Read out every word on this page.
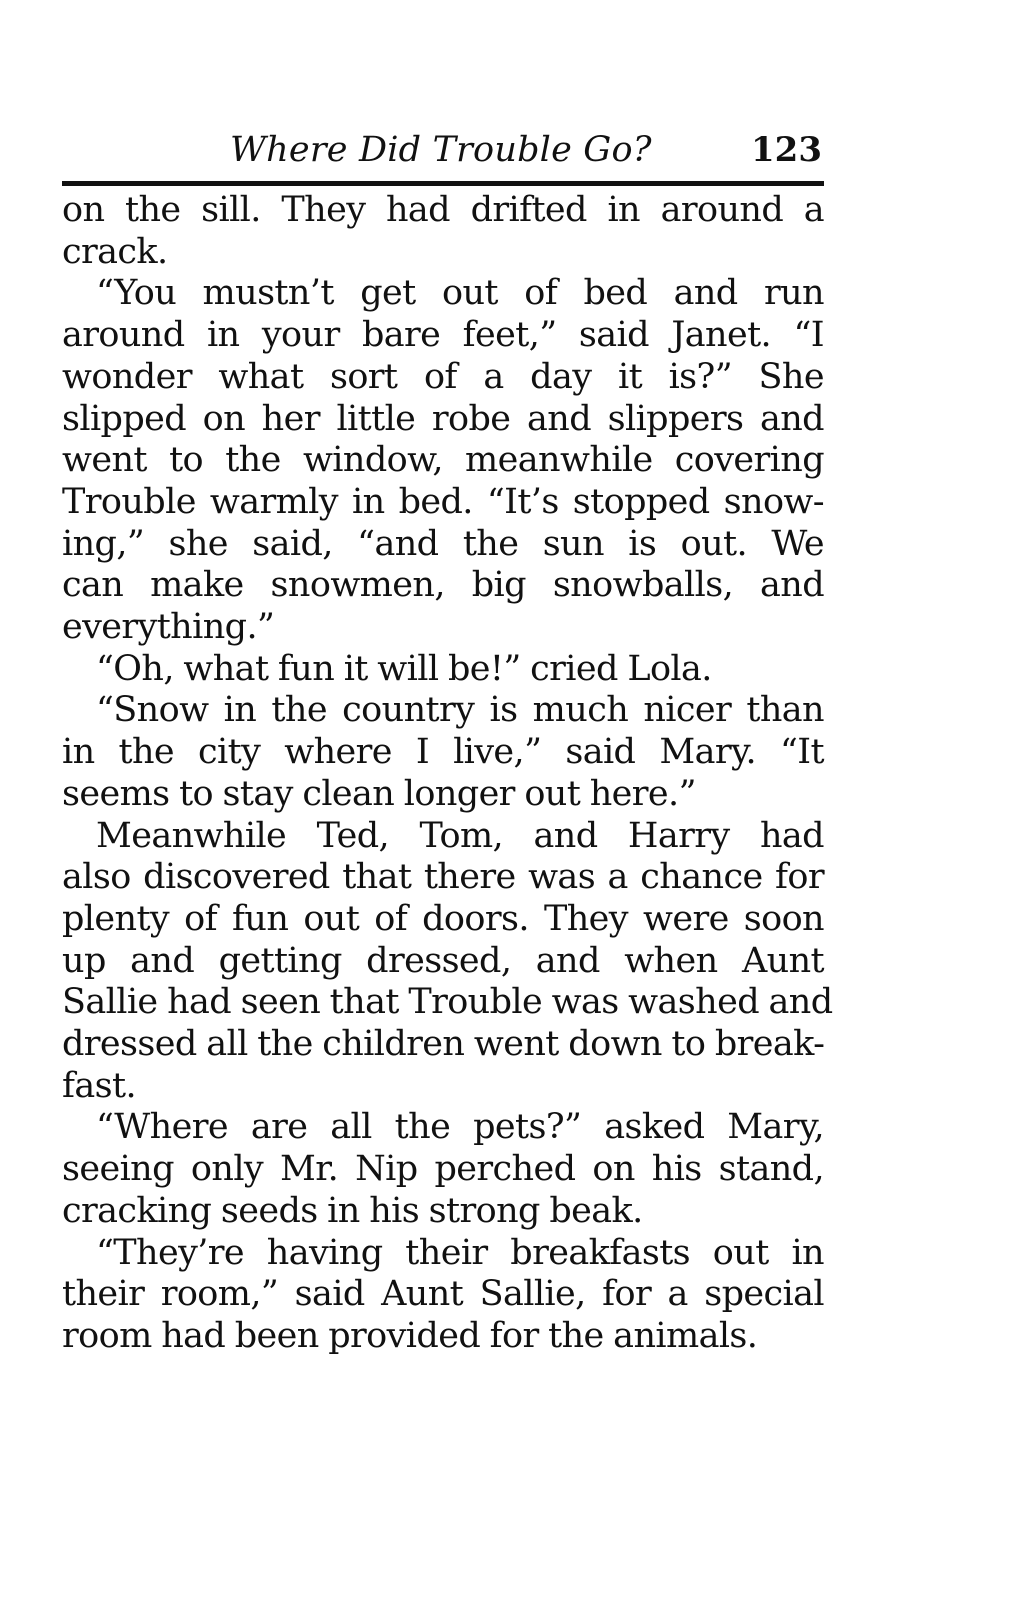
Where Did Trouble Go?	123
on the sill. They had drifted in around a
crack.
“You mustn’t get out of bed and run
around in your bare feet,” said Janet. “I
wonder what sort of a day it is?” She
slipped on her little robe and slippers and
went to the window, meanwhile covering
Trouble warmly in bed. “It’s stopped snow-
ing,” she said, “and the sun is out. We
can make snowmen, big snowballs, and
everything.”
“Oh, what fun it will be!” cried Lola.
“Snow in the country is much nicer than
in the city where I live,” said Mary. “It
seems to stay clean longer out here.”
Meanwhile Ted, Tom, and Harry had
also discovered that there was a chance for
plenty of fun out of doors. They were soon
up and getting dressed, and when Aunt
Sallie had seen that Trouble was washed and
dressed all the children went down to break-
fast.
“Where are all the pets?” asked Mary,
seeing only Mr. Nip perched on his stand,
cracking seeds in his strong beak.
“They’re having their breakfasts out in
their room,” said Aunt Sallie, for a special
room had been provided for the animals.
